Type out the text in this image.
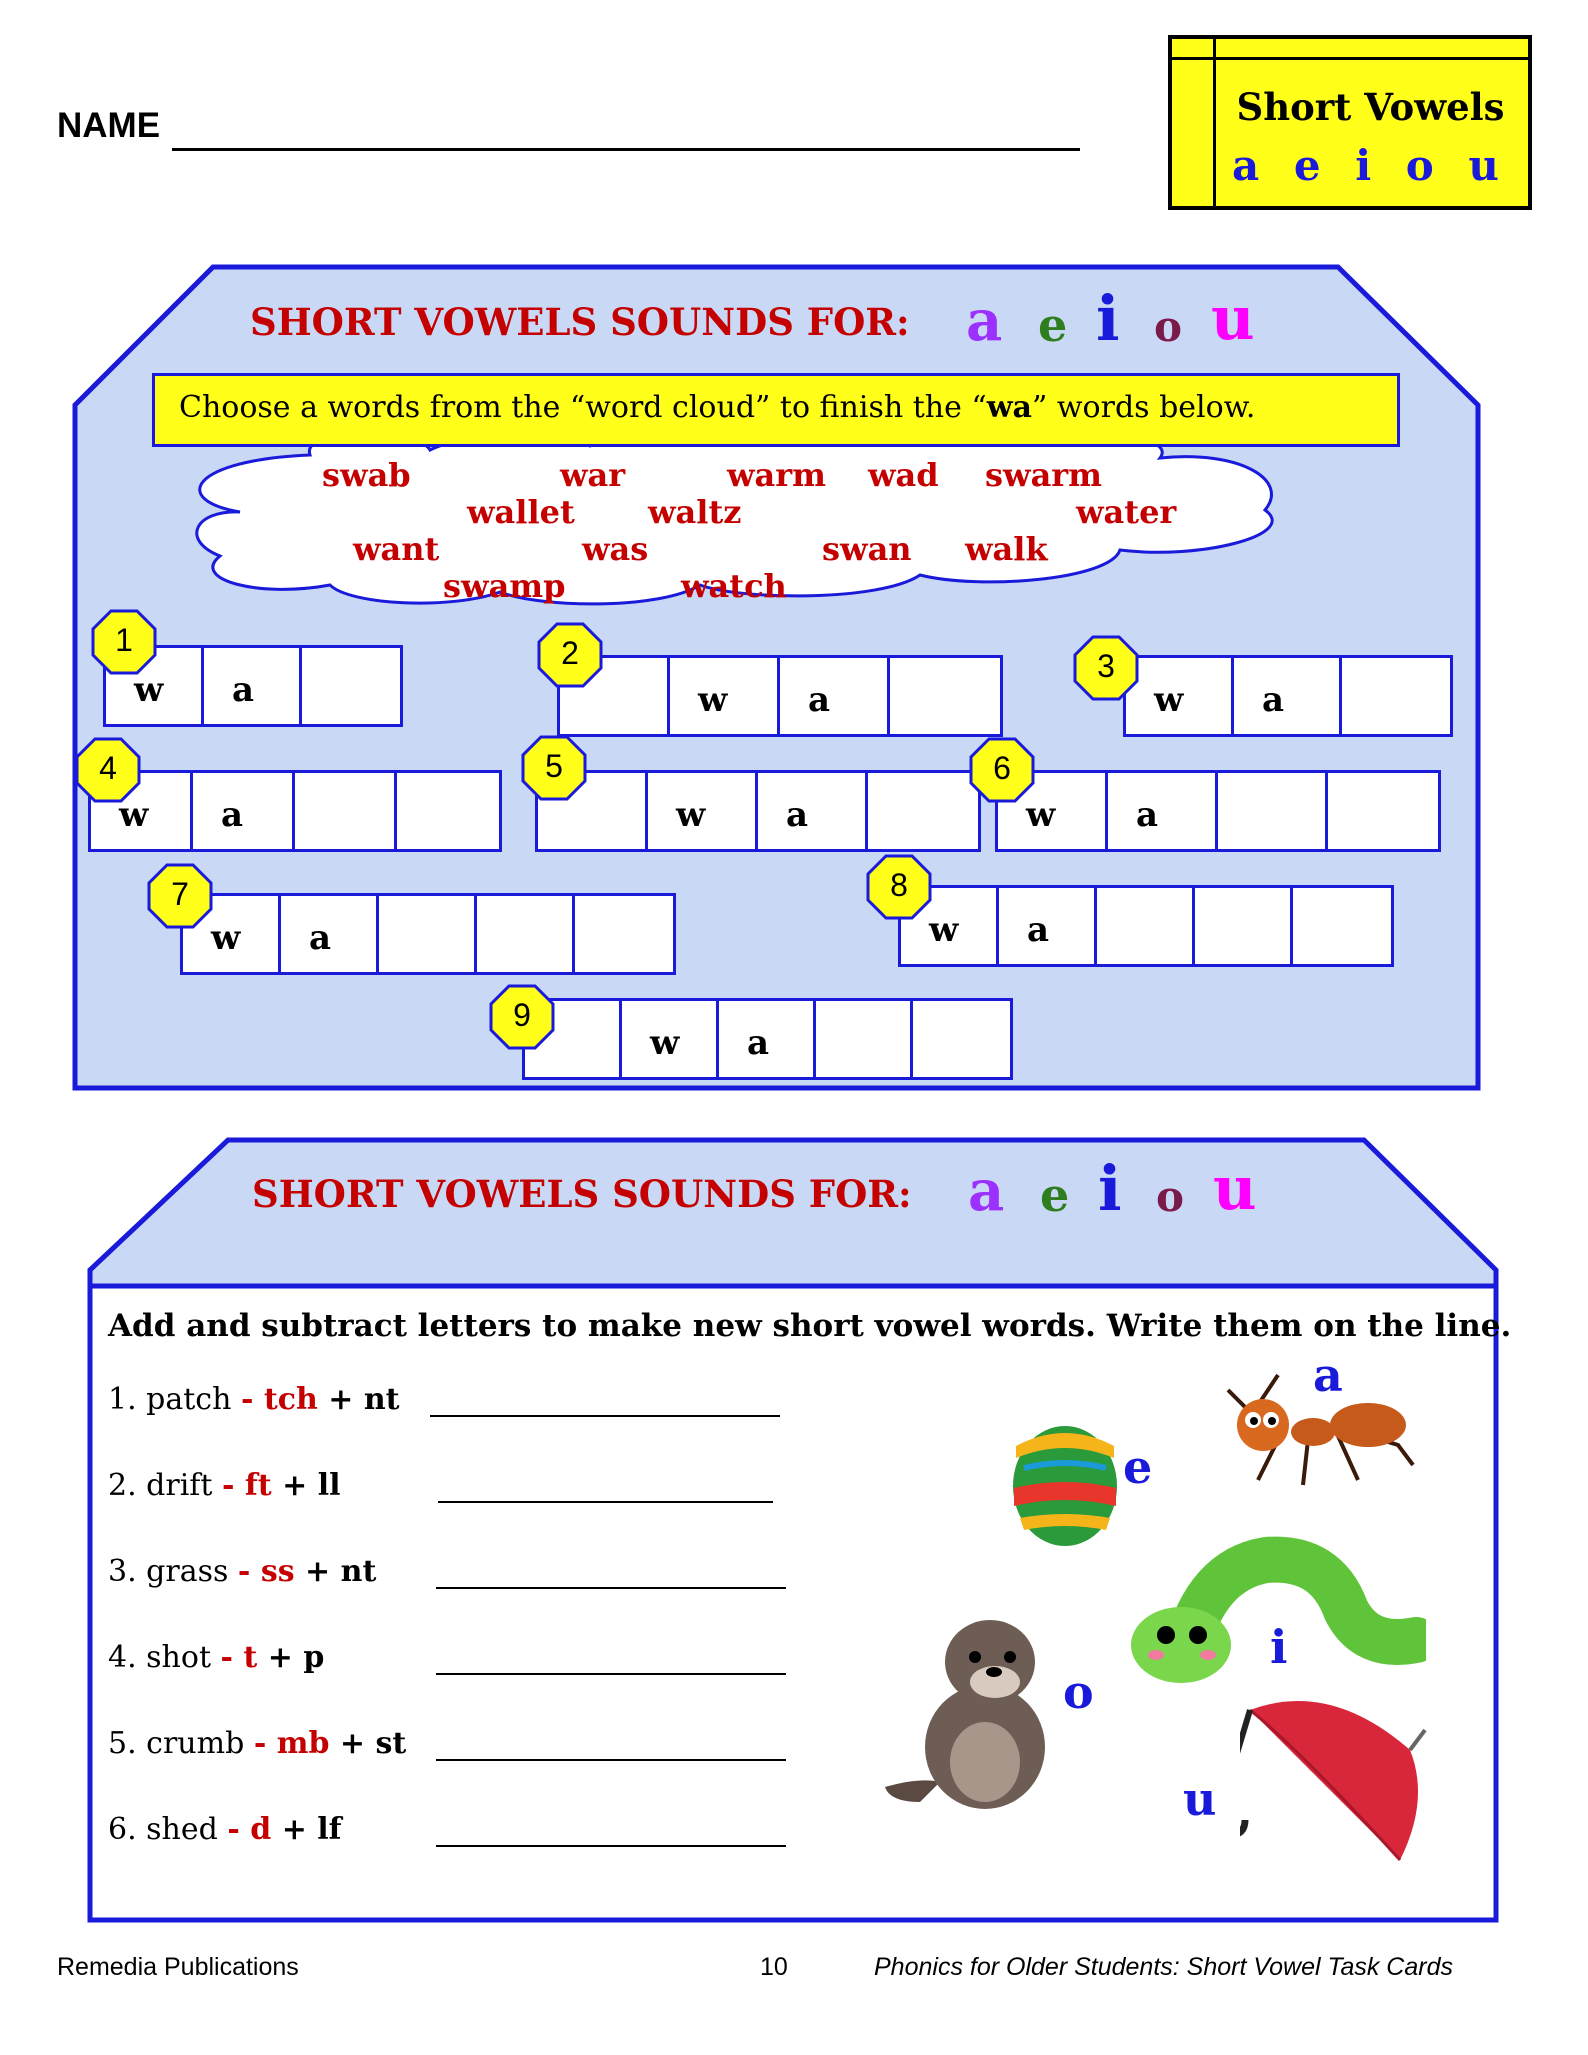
NAME	Short Vowels
a e i o u
SHORT VOWELS SOUNDS FOR: a e i o u
Choose a words from the “word cloud” to finish the “wa” words below.
swab	war	warm wad swarm
wallet waltz	water
want	was	swan walk
swamp	watch
w	a
1
w	a
2
w	a
3
w	a
4
w	a
5
w	a
6
w	a
7
w	a
8
w	a
9
SHORT VOWELS SOUNDS FOR: a e i o u
Add and subtract letters to make new short vowel words. Write them on the line.
1. patch - tch + nt
2. drift - ft + ll
3. grass - ss + nt
4. shot - t + p
5. crumb - mb + st
6. shed - d + lf
a
e
i
o
u
Remedia Publications	10	Phonics for Older Students: Short Vowel Task Cards
